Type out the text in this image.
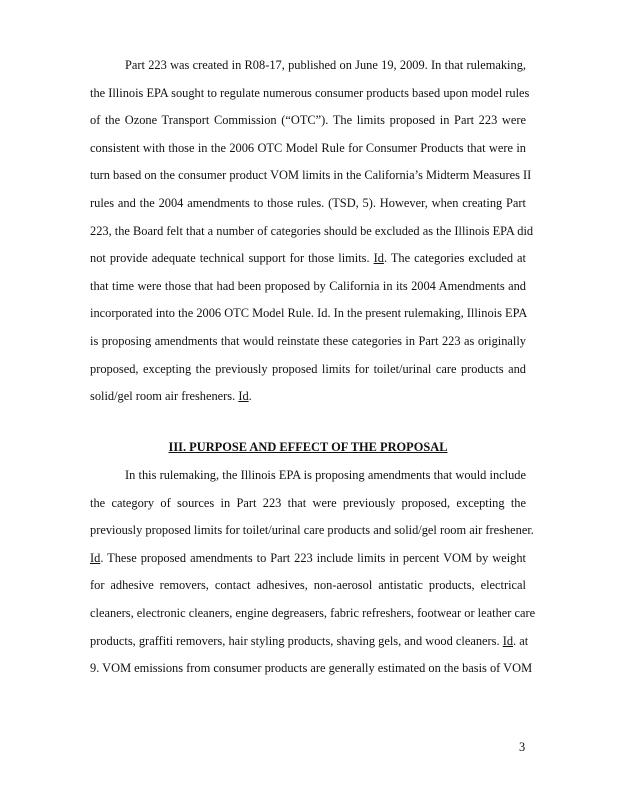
Part 223 was created in R08-17, published on June 19, 2009. In that rulemaking,
the Illinois EPA sought to regulate numerous consumer products based upon model rules
of the Ozone Transport Commission (“OTC”). The limits proposed in Part 223 were
consistent with those in the 2006 OTC Model Rule for Consumer Products that were in
turn based on the consumer product VOM limits in the California’s Midterm Measures II
rules and the 2004 amendments to those rules. (TSD, 5). However, when creating Part
223, the Board felt that a number of categories should be excluded as the Illinois EPA did
not provide adequate technical support for those limits. Id. The categories excluded at
that time were those that had been proposed by California in its 2004 Amendments and
incorporated into the 2006 OTC Model Rule. Id. In the present rulemaking, Illinois EPA
is proposing amendments that would reinstate these categories in Part 223 as originally
proposed, excepting the previously proposed limits for toilet/urinal care products and
solid/gel room air fresheners. Id.
III. PURPOSE AND EFFECT OF THE PROPOSAL
In this rulemaking, the Illinois EPA is proposing amendments that would include
the category of sources in Part 223 that were previously proposed, excepting the
previously proposed limits for toilet/urinal care products and solid/gel room air freshener.
Id. These proposed amendments to Part 223 include limits in percent VOM by weight
for adhesive removers, contact adhesives, non-aerosol antistatic products, electrical
cleaners, electronic cleaners, engine degreasers, fabric refreshers, footwear or leather care
products, graffiti removers, hair styling products, shaving gels, and wood cleaners. Id. at
9. VOM emissions from consumer products are generally estimated on the basis of VOM
3
